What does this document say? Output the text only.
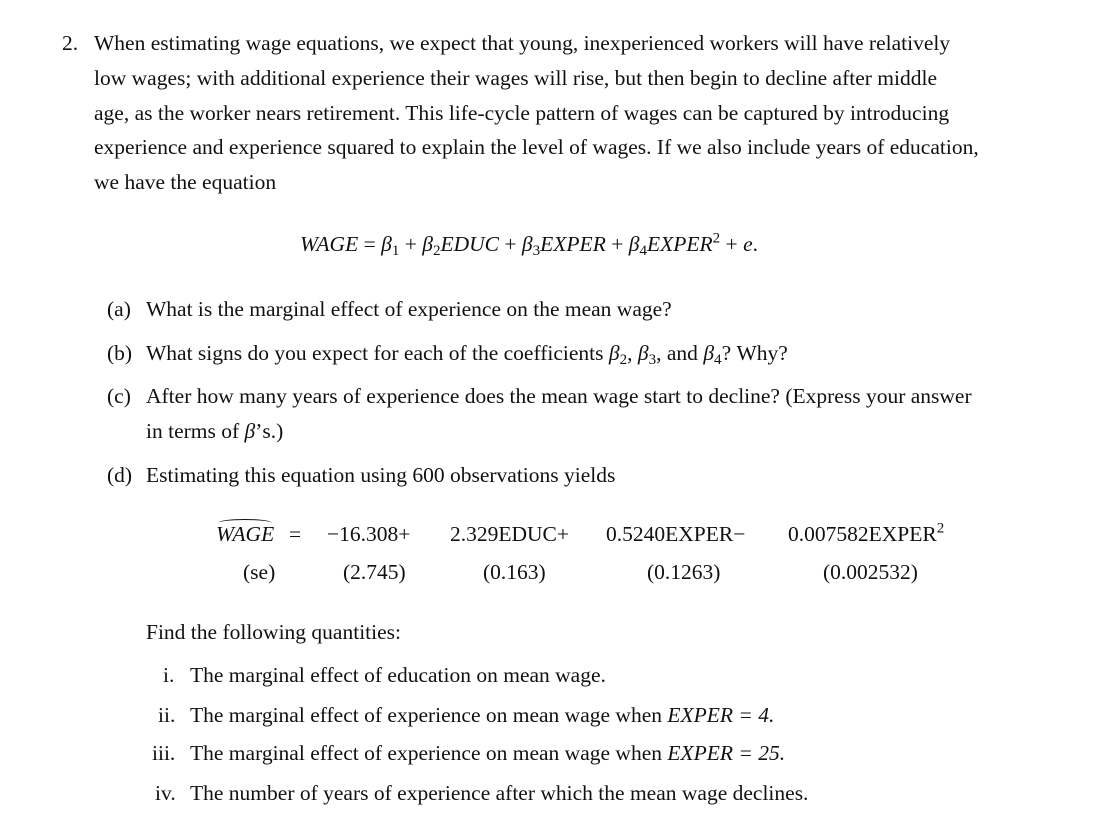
2. When estimating wage equations, we expect that young, inexperienced workers will have relatively
low wages; with additional experience their wages will rise, but then begin to decline after middle
age, as the worker nears retirement. This life-cycle pattern of wages can be captured by introducing
experience and experience squared to explain the level of wages. If we also include years of education,
we have the equation
WAGE = $\beta_1$ + $\beta_2EDUC$ + $\beta_3EXPER$ + $\beta_4EXPER^2 + e$.
(a) What is the marginal effect of experience on the mean wage?
(b) What signs do you expect for each of the coefficients $\beta_2$, $\beta_3$, and $\beta_4$? Why?
(c) After how many years of experience does the mean wage start to decline? (Express your answer
in terms of β’s.)
(d) Estimating this equation using 600 observations yields
WAGE = −16.308+ 2.329EDUC+ 0.5240EXPER− $0.007582EXPER^2$
(se)	(2.745)	(0.163)	(0.1263)	(0.002532)
Find the following quantities:
i. The marginal effect of education on mean wage.
ii. The marginal effect of experience on mean wage when EXPER = 4.
iii. The marginal effect of experience on mean wage when EXPER = 25.
iv. The number of years of experience after which the mean wage declines.
